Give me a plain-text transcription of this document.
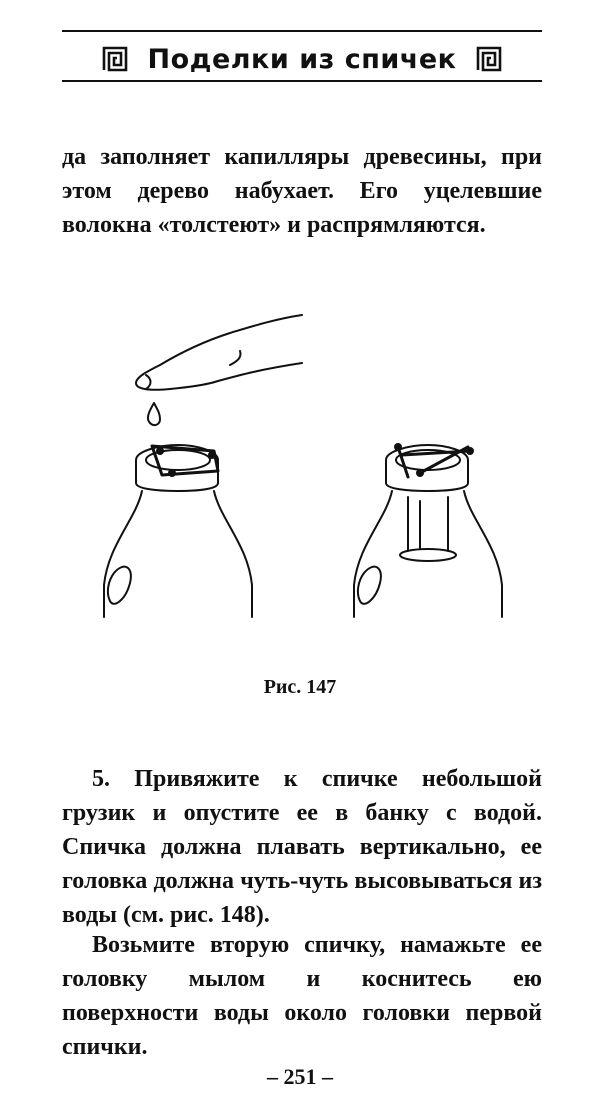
Поделки из спичек

да заполняет капилляры древесины, при этом дерево набухает. Его уцелевшие волокна «толстеют» и распрямляются.

Рис. 147

5. Привяжите к спичке небольшой грузик и опустите ее в банку с водой. Спичка должна плавать вертикально, ее головка должна чуть-чуть высовываться из воды (см. рис. 148).

Возьмите вторую спичку, намажьте ее головку мылом и коснитесь ею поверхности воды около головки первой спички.

– 251 –
